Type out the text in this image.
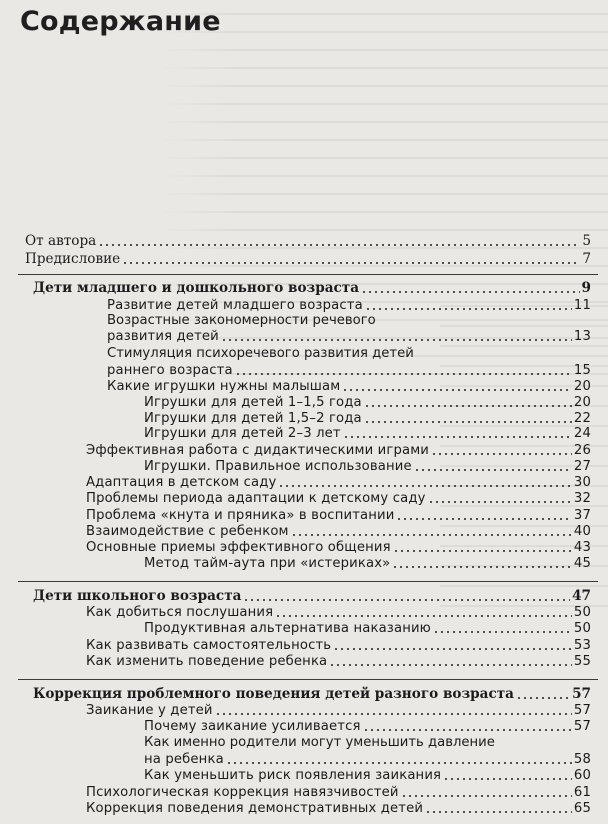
Содержание
От автора	5
Предисловие	7
Дети младшего и дошкольного возраста	9
Развитие детей младшего возраста	11
Возрастные закономерности речевого
развития детей	13
Стимуляция психоречевого развития детей
раннего возраста	15
Какие игрушки нужны малышам	20
Игрушки для детей 1–1,5 года	20
Игрушки для детей 1,5–2 года	22
Игрушки для детей 2–3 лет	24
Эффективная работа с дидактическими играми	26
Игрушки. Правильное использование	27
Адаптация в детском саду	30
Проблемы периода адаптации к детскому саду	32
Проблема «кнута и пряника» в воспитании	37
Взаимодействие с ребенком	40
Основные приемы эффективного общения	43
Метод тайм-аута при «истериках»	45
Дети школьного возраста	47
Как добиться послушания	50
Продуктивная альтернатива наказанию	50
Как развивать самостоятельность	53
Как изменить поведение ребенка	55
Коррекция проблемного поведения детей разного возраста	57
Заикание у детей	57
Почему заикание усиливается	57
Как именно родители могут уменьшить давление
на ребенка	58
Как уменьшить риск появления заикания	60
Психологическая коррекция навязчивостей	61
Коррекция поведения демонстративных детей	65
